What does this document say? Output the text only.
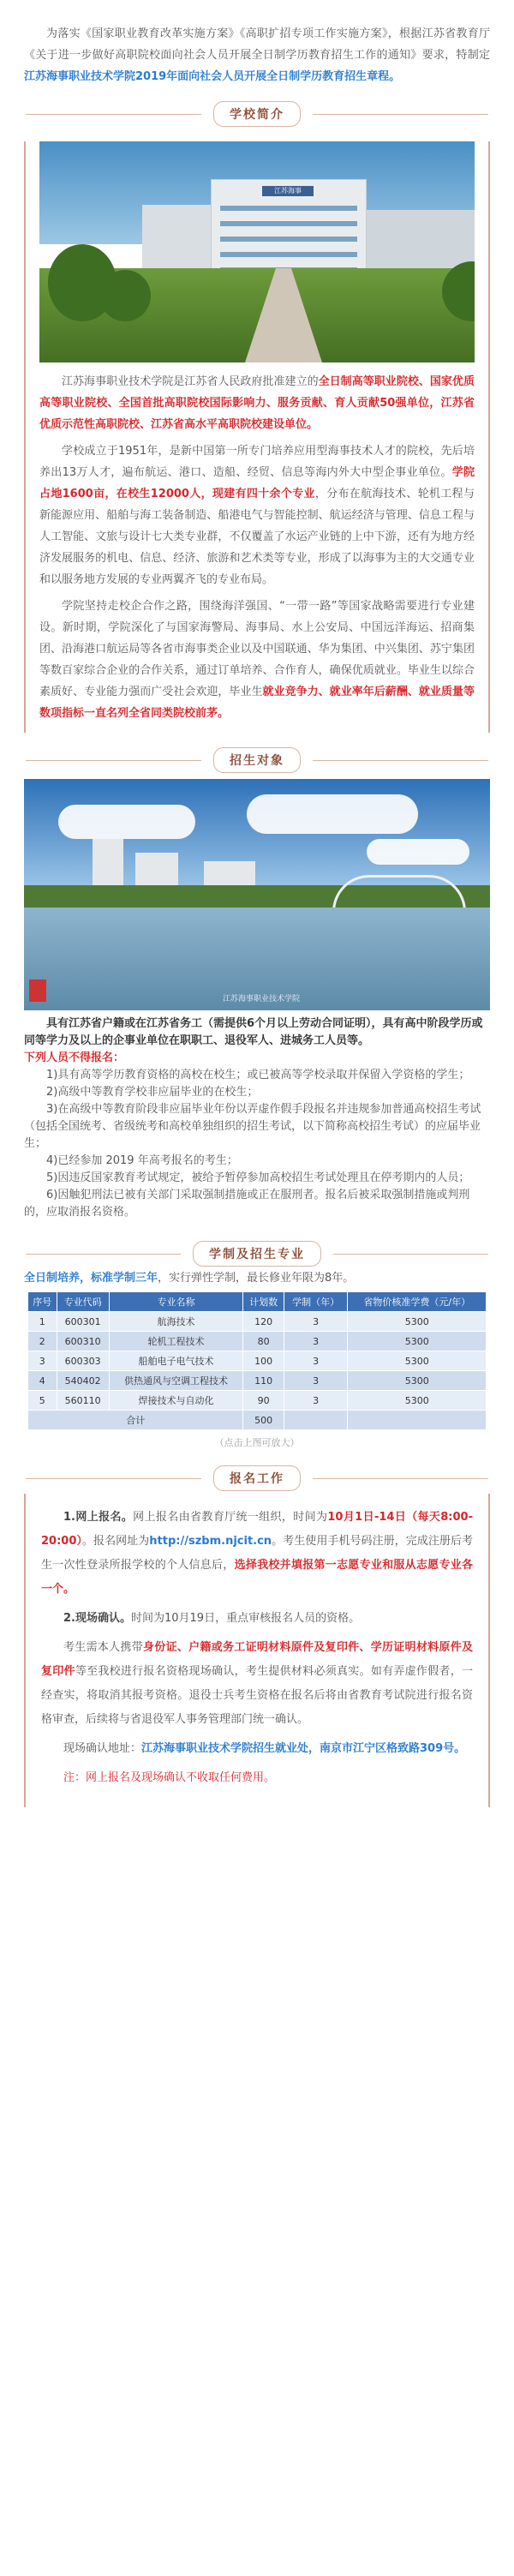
为落实《国家职业教育改革实施方案》《高职扩招专项工作实施方案》，根据江苏省教育厅《关于进一步做好高职院校面向社会人员开展全日制学历教育招生工作的通知》要求，特制定江苏海事职业技术学院2019年面向社会人员开展全日制学历教育招生章程。

学校简介
江苏海事

江苏海事职业技术学院是江苏省人民政府批准建立的全日制高等职业院校、国家优质高等职业院校、全国首批高职院校国际影响力、服务贡献、育人贡献50强单位，江苏省优质示范性高职院校、江苏省高水平高职院校建设单位。

学校成立于1951年，是新中国第一所专门培养应用型海事技术人才的院校，先后培养出13万人才，遍布航运、港口、造船、经贸、信息等海内外大中型企事业单位。学院占地1600亩，在校生12000人，现建有四十余个专业，分布在航海技术、轮机工程与新能源应用、船舶与海工装备制造、船港电气与智能控制、航运经济与管理、信息工程与人工智能、文旅与设计七大类专业群，不仅覆盖了水运产业链的上中下游，还有为地方经济发展服务的机电、信息、经济、旅游和艺术类等专业，形成了以海事为主的大交通专业和以服务地方发展的专业两翼齐飞的专业布局。

学院坚持走校企合作之路，围绕海洋强国、“一带一路”等国家战略需要进行专业建设。新时期，学院深化了与国家海警局、海事局、水上公安局、中国远洋海运、招商集团、沿海港口航运局等各省市海事类企业以及中国联通、华为集团、中兴集团、苏宁集团等数百家综合企业的合作关系，通过订单培养、合作育人，确保优质就业。毕业生以综合素质好、专业能力强而广受社会欢迎，毕业生就业竞争力、就业率年后薪酬、就业质量等数项指标一直名列全省同类院校前茅。

招生对象
江苏海事职业技术学院
具有江苏省户籍或在江苏省务工（需提供6个月以上劳动合同证明），具有高中阶段学历或同等学力及以上的企事业单位在职职工、退役军人、进城务工人员等。
下列人员不得报名：
1)具有高等学历教育资格的高校在校生；或已被高等学校录取并保留入学资格的学生；
2)高级中等教育学校非应届毕业的在校生；
3)在高级中等教育阶段非应届毕业年份以弄虚作假手段报名并违规参加普通高校招生考试（包括全国统考、省级统考和高校单独组织的招生考试，以下简称高校招生考试）的应届毕业生；
4)已经参加 2019 年高考报名的考生；
5)因违反国家教育考试规定，被给予暂停参加高校招生考试处理且在停考期内的人员；
6)因触犯刑法已被有关部门采取强制措施或正在服刑者。报名后被采取强制措施或判刑的，应取消报名资格。
学制及招生专业
全日制培养，标准学制三年，实行弹性学制，最长修业年限为8年。
序号	专业代码	专业名称	计划数	学制（年）	省物价核准学费（元/年）
1	600301	航海技术	120	3	5300
2	600310	轮机工程技术	80	3	5300
3	600303	船舶电子电气技术	100	3	5300
4	540402	供热通风与空调工程技术	110	3	5300
5	560110	焊接技术与自动化	90	3	5300
合计			500		
（点击上图可放大）
报名工作

1.网上报名。网上报名由省教育厅统一组织，时间为10月1日-14日（每天8:00-20:00）。报名网址为http://szbm.njcit.cn。考生使用手机号码注册，完成注册后考生一次性登录所报学校的个人信息后，选择我校并填报第一志愿专业和服从志愿专业各一个。

2.现场确认。时间为10月19日，重点审核报名人员的资格。

考生需本人携带身份证、户籍或务工证明材料原件及复印件、学历证明材料原件及复印件等至我校进行报名资格现场确认，考生提供材料必须真实。如有弄虚作假者，一经查实，将取消其报考资格。退役士兵考生资格在报名后将由省教育考试院进行报名资格审查，后续将与省退役军人事务管理部门统一确认。

现场确认地址：江苏海事职业技术学院招生就业处，南京市江宁区格致路309号。

注：网上报名及现场确认不收取任何费用。
